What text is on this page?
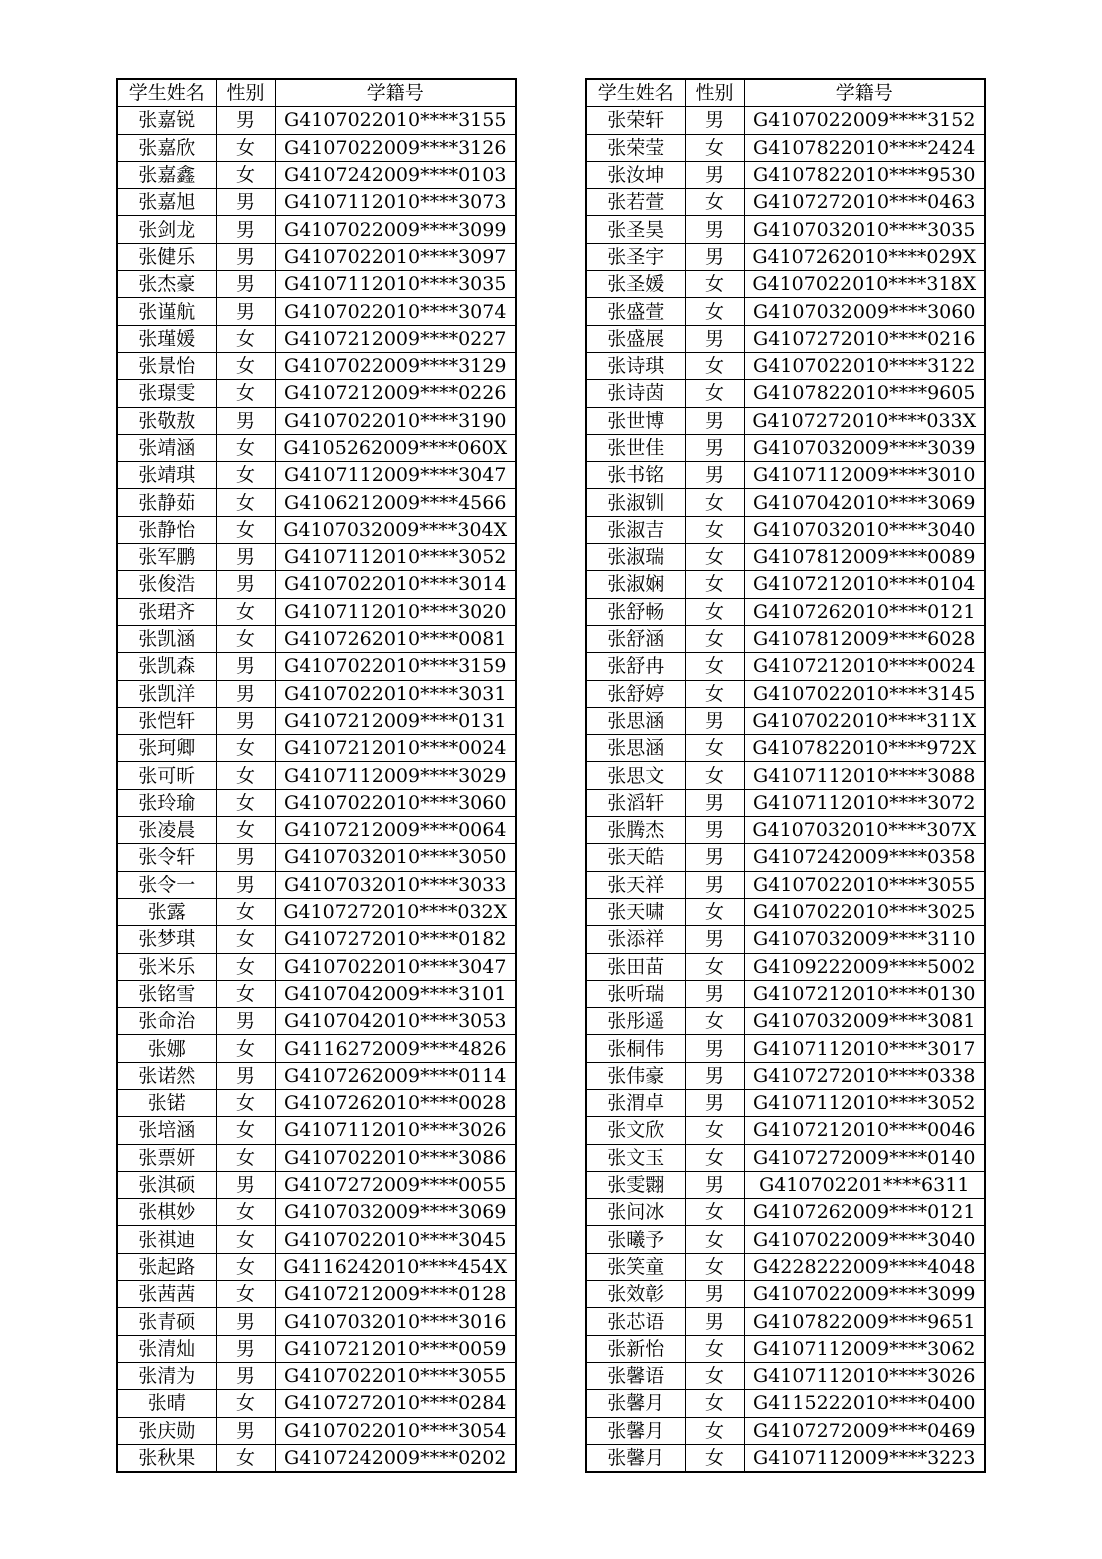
学生姓名	性别	学籍号
张嘉锐	男	G4107022010****3155
张嘉欣	女	G4107022009****3126
张嘉鑫	女	G4107242009****0103
张嘉旭	男	G4107112010****3073
张剑龙	男	G4107022009****3099
张健乐	男	G4107022010****3097
张杰豪	男	G4107112010****3035
张谨航	男	G4107022010****3074
张瑾媛	女	G4107212009****0227
张景怡	女	G4107022009****3129
张璟雯	女	G4107212009****0226
张敬敖	男	G4107022010****3190
张靖涵	女	G4105262009****060X
张靖琪	女	G4107112009****3047
张静茹	女	G4106212009****4566
张静怡	女	G4107032009****304X
张军鹏	男	G4107112010****3052
张俊浩	男	G4107022010****3014
张珺齐	女	G4107112010****3020
张凯涵	女	G4107262010****0081
张凯森	男	G4107022010****3159
张凯洋	男	G4107022010****3031
张恺轩	男	G4107212009****0131
张珂卿	女	G4107212010****0024
张可昕	女	G4107112009****3029
张玲瑜	女	G4107022010****3060
张凌晨	女	G4107212009****0064
张令轩	男	G4107032010****3050
张令一	男	G4107032010****3033
张露	女	G4107272010****032X
张梦琪	女	G4107272010****0182
张米乐	女	G4107022010****3047
张铭雪	女	G4107042009****3101
张命治	男	G4107042010****3053
张娜	女	G4116272009****4826
张诺然	男	G4107262009****0114
张锘	女	G4107262010****0028
张培涵	女	G4107112010****3026
张票妍	女	G4107022010****3086
张淇硕	男	G4107272009****0055
张棋妙	女	G4107032009****3069
张祺迪	女	G4107022010****3045
张起路	女	G4116242010****454X
张茜茜	女	G4107212009****0128
张青硕	男	G4107032010****3016
张清灿	男	G4107212010****0059
张清为	男	G4107022010****3055
张晴	女	G4107272010****0284
张庆勋	男	G4107022010****3054
张秋果	女	G4107242009****0202
学生姓名	性别	学籍号
张荣轩	男	G4107022009****3152
张荣莹	女	G4107822010****2424
张汝坤	男	G4107822010****9530
张若萱	女	G4107272010****0463
张圣昊	男	G4107032010****3035
张圣宇	男	G4107262010****029X
张圣媛	女	G4107022010****318X
张盛萱	女	G4107032009****3060
张盛展	男	G4107272010****0216
张诗琪	女	G4107022010****3122
张诗茵	女	G4107822010****9605
张世博	男	G4107272010****033X
张世佳	男	G4107032009****3039
张书铭	男	G4107112009****3010
张淑钏	女	G4107042010****3069
张淑吉	女	G4107032010****3040
张淑瑞	女	G4107812009****0089
张淑娴	女	G4107212010****0104
张舒畅	女	G4107262010****0121
张舒涵	女	G4107812009****6028
张舒冉	女	G4107212010****0024
张舒婷	女	G4107022010****3145
张思涵	男	G4107022010****311X
张思涵	女	G4107822010****972X
张思文	女	G4107112010****3088
张滔轩	男	G4107112010****3072
张腾杰	男	G4107032010****307X
张天皓	男	G4107242009****0358
张天祥	男	G4107022010****3055
张天啸	女	G4107022010****3025
张添祥	男	G4107032009****3110
张田苗	女	G4109222009****5002
张听瑞	男	G4107212010****0130
张彤遥	女	G4107032009****3081
张桐伟	男	G4107112010****3017
张伟豪	男	G4107272010****0338
张渭卓	男	G4107112010****3052
张文欣	女	G4107212010****0046
张文玉	女	G4107272009****0140
张雯翾	男	G410702201****6311
张问冰	女	G4107262009****0121
张曦予	女	G4107022009****3040
张笑童	女	G4228222009****4048
张效彰	男	G4107022009****3099
张芯语	男	G4107822009****9651
张新怡	女	G4107112009****3062
张馨语	女	G4107112010****3026
张馨月	女	G4115222010****0400
张馨月	女	G4107272009****0469
张馨月	女	G4107112009****3223
